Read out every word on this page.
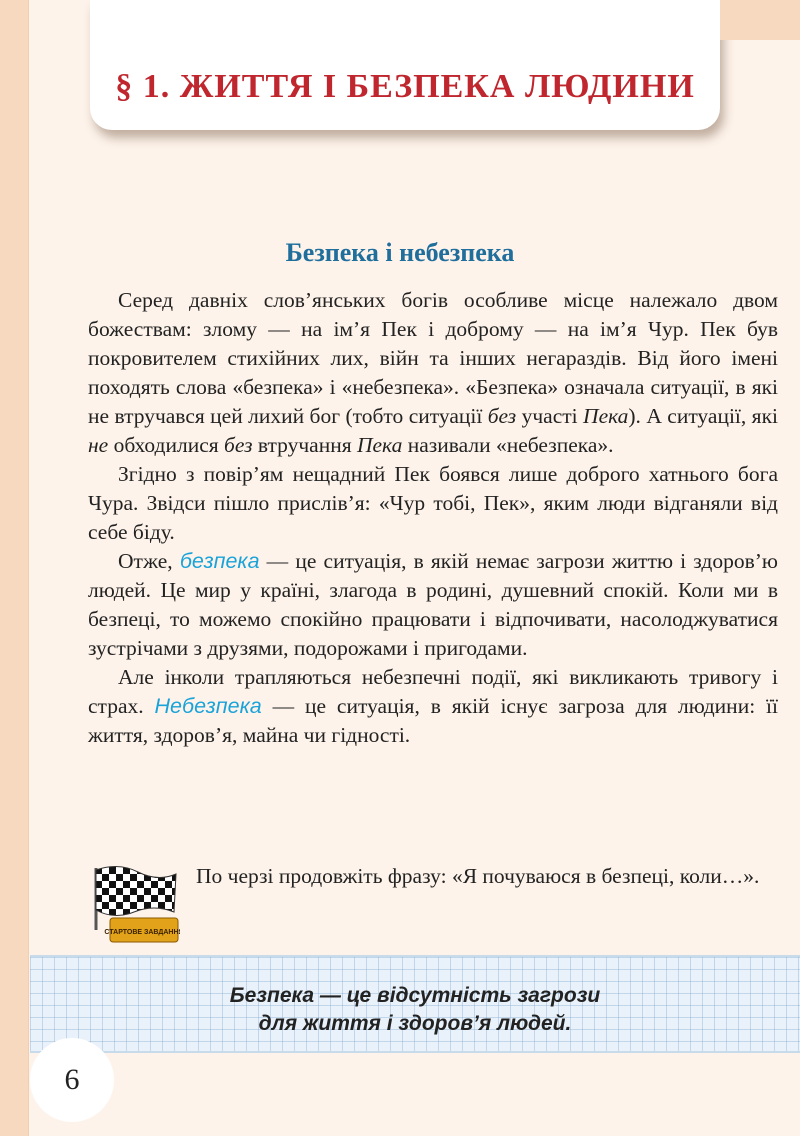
§ 1. ЖИТТЯ І БЕЗПЕКА ЛЮДИНИ
Безпека і небезпека

Серед давніх слов’янських богів особливе місце належало двом божествам: злому — на ім’я Пек і доброму — на ім’я Чур. Пек був покровителем стихійних лих, війн та інших негараздів. Від його імені походять слова «безпека» і «небезпека». «Безпека» означала ситуації, в які не втручався цей лихий бог (тобто ситуації без участі Пека). А ситуації, які не обходилися без втручання Пека називали «небезпека».

Згідно з повір’ям нещадний Пек боявся лише доброго хатнього бога Чура. Звідси пішло прислів’я: «Чур тобі, Пек», яким люди відганяли від себе біду.

Отже, безпека — це ситуація, в якій немає загрози життю і здоров’ю людей. Це мир у країні, злагода в родині, душевний спокій. Коли ми в безпеці, то можемо спокійно працювати і відпочивати, насолоджуватися зустрічами з друзями, подорожами і пригодами.

Але інколи трапляються небезпечні події, які викликають тривогу і страх. Небезпека — це ситуація, в якій існує загроза для людини: її життя, здоров’я, майна чи гідності.

СТАРТОВЕ ЗАВДАННЯ
По черзі продовжіть фразу: «Я почуваюся в безпеці, коли…».
Безпека — це відсутність загрози
для життя і здоров’я людей.
6
